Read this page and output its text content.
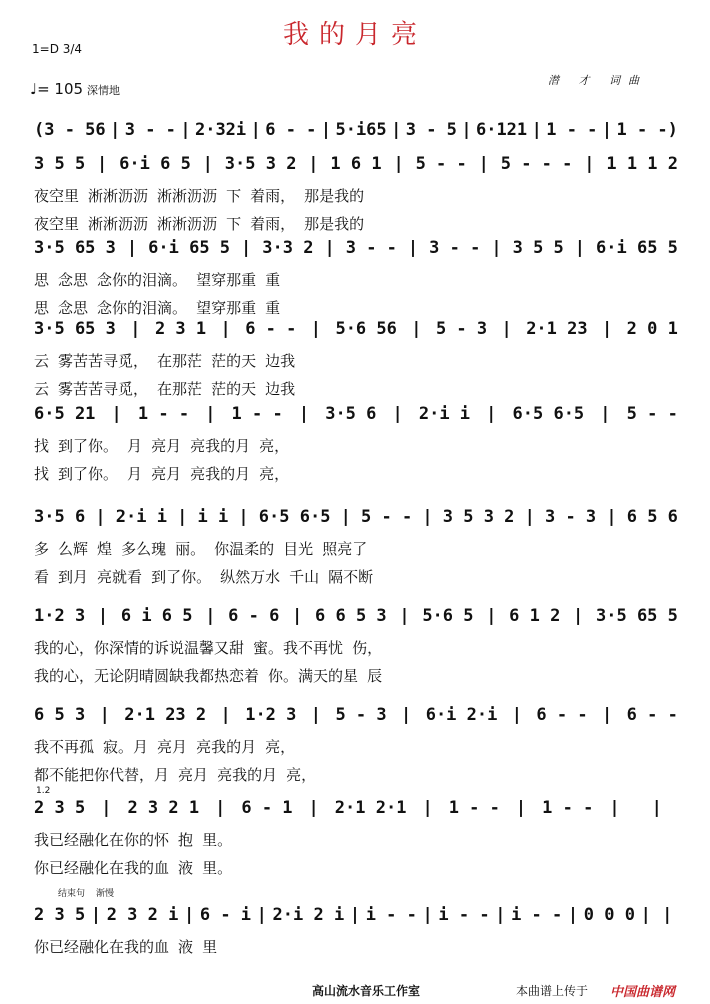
我的月亮
1=D 3/4
♩= 105 深情地
潜 才 词曲
(3 - 56 | 3 - - | 2·32i | 6 - - | 5·i65 | 3 - 5 | 6·121 | 1 - - | 1 - -)
3 5 5 | 6·i 6 5 | 3·5 3 2 | 1 6 1 | 5 - - | 5 - - - | 1 1 1 2
夜空里 淅淅沥沥 淅淅沥沥 下 着雨， 那是我的
夜空里 淅淅沥沥 淅淅沥沥 下 着雨， 那是我的
3·5 65 3 | 6·i 65 5 | 3·3 2 | 3 - - | 3 - - | 3 5 5 | 6·i 65 5
思 念思 念你的泪滴。 望穿那重 重
思 念思 念你的泪滴。 望穿那重 重
3·5 65 3 | 2 3 1 | 6 - - | 5·6 56 | 5 - 3 | 2·1 23 | 2 0 1
云 雾苦苦寻觅， 在那茫 茫的天 边我
云 雾苦苦寻觅， 在那茫 茫的天 边我
6·5 21 | 1 - - | 1 - - | 3·5 6 | 2·i i | 6·5 6·5 | 5 - -
找 到了你。 月 亮月 亮我的月 亮，
找 到了你。 月 亮月 亮我的月 亮，
3·5 6 | 2·i i | i i | 6·5 6·5 | 5 - - | 3 5 3 2 | 3 - 3 | 6 5 6
多 么辉 煌 多么瑰 丽。 你温柔的 目光 照亮了
看 到月 亮就看 到了你。 纵然万水 千山 隔不断
1·2 3 | 6 i 6 5 | 6 - 6 | 6 6 5 3 | 5·6 5 | 6 1 2 | 3·5 65 5
我的心，你深情的诉说温馨又甜 蜜。我不再忧 伤，
我的心，无论阴晴圆缺我都热恋着 你。满天的星 辰
6 5 3 | 2·1 23 2 | 1·2 3 | 5 - 3 | 6·i 2·i | 6 - - | 6 - -
我不再孤 寂。月 亮月 亮我的月 亮，
都不能把你代替，月 亮月 亮我的月 亮，
2 3 5 | 2 3 2 1 | 6 - 1 | 2·1 2·1 | 1 - - | 1 - - | |
我已经融化在你的怀 抱 里。
你已经融化在我的血 液 里。
2 3 5 | 2 3 2 i | 6 - i | 2·i 2 i | i - - | i - - | i - - | 0 0 0 | |
你已经融化在我的血 液 里
1.2
结束句 渐慢
高山流水音乐工作室	本曲谱上传于 中国曲谱网
